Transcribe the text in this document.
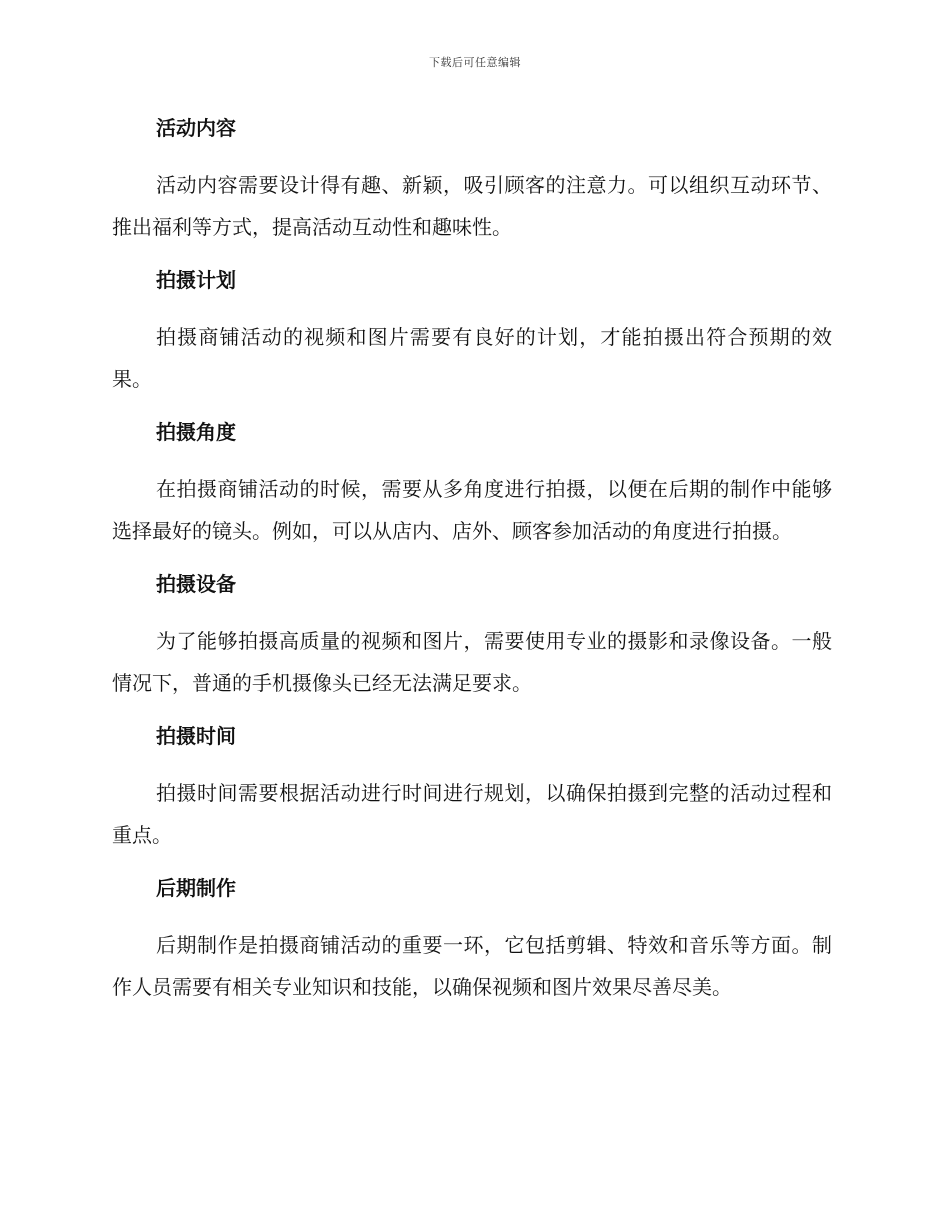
下载后可任意编辑
活动内容

活动内容需要设计得有趣、新颖，吸引顾客的注意力。可以组织互动环节、推出福利等方式，提高活动互动性和趣味性。

拍摄计划

拍摄商铺活动的视频和图片需要有良好的计划，才能拍摄出符合预期的效果。

拍摄角度

在拍摄商铺活动的时候，需要从多角度进行拍摄，以便在后期的制作中能够选择最好的镜头。例如，可以从店内、店外、顾客参加活动的角度进行拍摄。

拍摄设备

为了能够拍摄高质量的视频和图片，需要使用专业的摄影和录像设备。一般情况下，普通的手机摄像头已经无法满足要求。

拍摄时间

拍摄时间需要根据活动进行时间进行规划，以确保拍摄到完整的活动过程和重点。

后期制作

后期制作是拍摄商铺活动的重要一环，它包括剪辑、特效和音乐等方面。制作人员需要有相关专业知识和技能，以确保视频和图片效果尽善尽美。
